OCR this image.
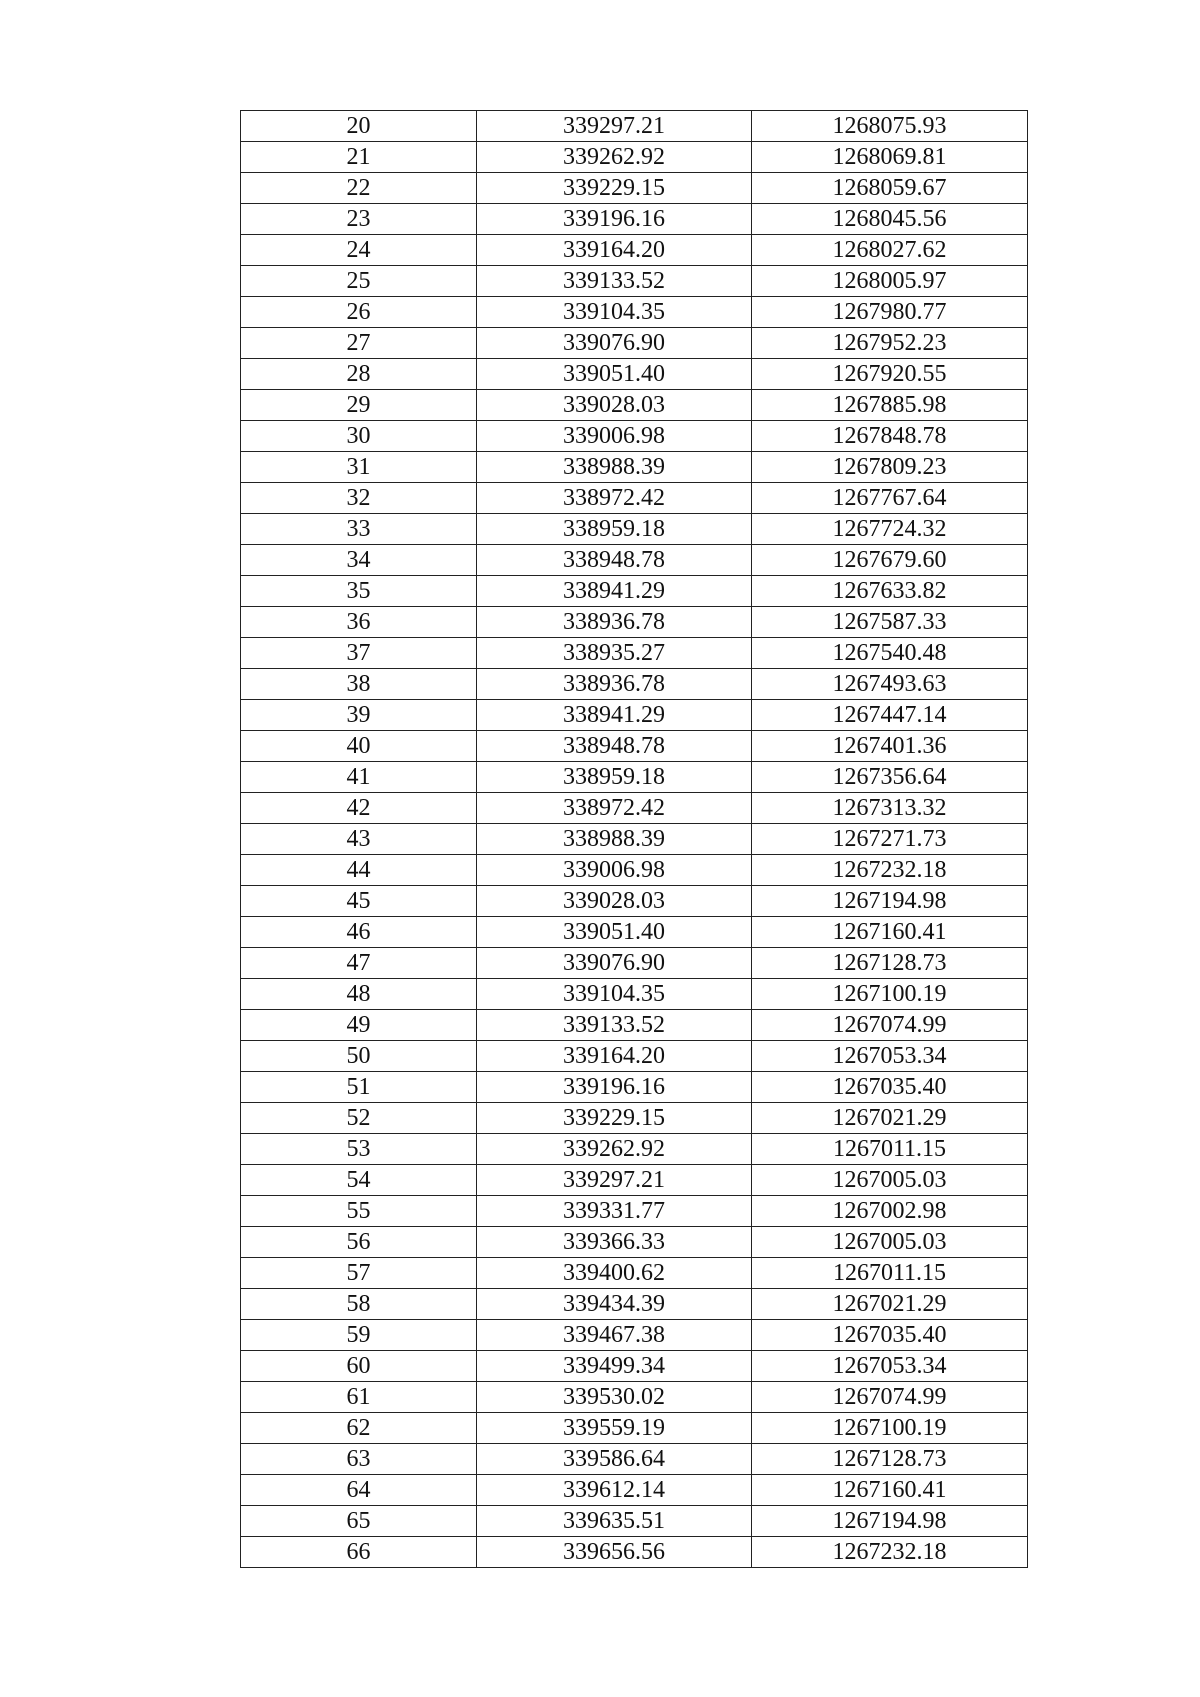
20	339297.21	1268075.93
21	339262.92	1268069.81
22	339229.15	1268059.67
23	339196.16	1268045.56
24	339164.20	1268027.62
25	339133.52	1268005.97
26	339104.35	1267980.77
27	339076.90	1267952.23
28	339051.40	1267920.55
29	339028.03	1267885.98
30	339006.98	1267848.78
31	338988.39	1267809.23
32	338972.42	1267767.64
33	338959.18	1267724.32
34	338948.78	1267679.60
35	338941.29	1267633.82
36	338936.78	1267587.33
37	338935.27	1267540.48
38	338936.78	1267493.63
39	338941.29	1267447.14
40	338948.78	1267401.36
41	338959.18	1267356.64
42	338972.42	1267313.32
43	338988.39	1267271.73
44	339006.98	1267232.18
45	339028.03	1267194.98
46	339051.40	1267160.41
47	339076.90	1267128.73
48	339104.35	1267100.19
49	339133.52	1267074.99
50	339164.20	1267053.34
51	339196.16	1267035.40
52	339229.15	1267021.29
53	339262.92	1267011.15
54	339297.21	1267005.03
55	339331.77	1267002.98
56	339366.33	1267005.03
57	339400.62	1267011.15
58	339434.39	1267021.29
59	339467.38	1267035.40
60	339499.34	1267053.34
61	339530.02	1267074.99
62	339559.19	1267100.19
63	339586.64	1267128.73
64	339612.14	1267160.41
65	339635.51	1267194.98
66	339656.56	1267232.18
